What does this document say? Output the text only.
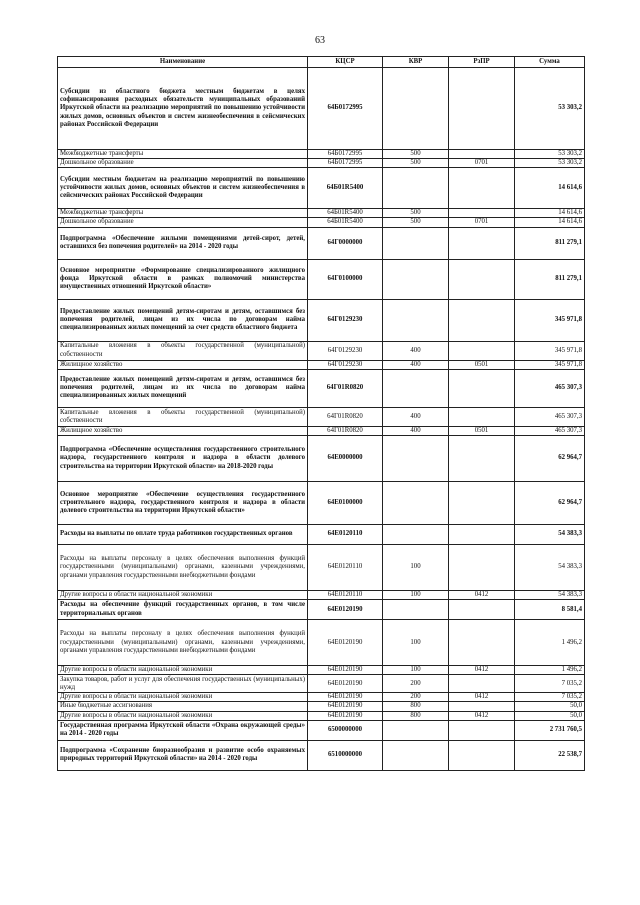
63
Наименование	КЦСР	КВР	РзПР	Сумма
Субсидии из областного бюджета местным бюджетам в целях софинансирования расходных обязательств муниципальных образований Иркутской области на реализацию мероприятий по повышению устойчивости жилых домов, основных объектов и систем жизнеобеспечения в сейсмических районах Российской Федерации	64Б0172995			53 303,2
Межбюджетные трансферты	64Б0172995	500		53 303,2
Дошкольное образование	64Б0172995	500	0701	53 303,2
Субсидии местным бюджетам на реализацию мероприятий по повышению устойчивости жилых домов, основных объектов и систем жизнеобеспечения в сейсмических районах Российской Федерации	64Б01R5400			14 614,6
Межбюджетные трансферты	64Б01R5400	500		14 614,6
Дошкольное образование	64Б01R5400	500	0701	14 614,6
Подпрограмма «Обеспечение жилыми помещениями детей-сирот, детей, оставшихся без попечения родителей» на 2014 - 2020 годы	64Г0000000			811 279,1
Основное мероприятие «Формирование специализированного жилищного фонда Иркутской области в рамках полномочий министерства имущественных отношений Иркутской области»	64Г0100000			811 279,1
Предоставление жилых помещений детям-сиротам и детям, оставшимся без попечения родителей, лицам из их числа по договорам найма специализированных жилых помещений за счет средств областного бюджета	64Г0129230			345 971,8
Капитальные вложения в объекты государственной (муниципальной) собственности	64Г0129230	400		345 971,8
Жилищное хозяйство	64Г0129230	400	0501	345 971,8
Предоставление жилых помещений детям-сиротам и детям, оставшимся без попечения родителей, лицам из их числа по договорам найма специализированных жилых помещений	64Г01R0820			465 307,3
Капитальные вложения в объекты государственной (муниципальной) собственности	64Г01R0820	400		465 307,3
Жилищное хозяйство	64Г01R0820	400	0501	465 307,3
Подпрограмма «Обеспечение осуществления государственного строительного надзора, государственного контроля и надзора в области долевого строительства на территории Иркутской области» на 2018-2020 годы	64Е0000000			62 964,7
Основное мероприятие «Обеспечение осуществления государственного строительного надзора, государственного контроля и надзора в области долевого строительства на территории Иркутской области»	64Е0100000			62 964,7
Расходы на выплаты по оплате труда работников государственных органов	64Е0120110			54 383,3
Расходы на выплаты персоналу в целях обеспечения выполнения функций государственными (муниципальными) органами, казенными учреждениями, органами управления государственными внебюджетными фондами	64Е0120110	100		54 383,3
Другие вопросы в области национальной экономики	64Е0120110	100	0412	54 383,3
Расходы на обеспечение функций государственных органов, в том числе территориальных органов	64Е0120190			8 581,4
Расходы на выплаты персоналу в целях обеспечения выполнения функций государственными (муниципальными) органами, казенными учреждениями, органами управления государственными внебюджетными фондами	64Е0120190	100		1 496,2
Другие вопросы в области национальной экономики	64Е0120190	100	0412	1 496,2
Закупка товаров, работ и услуг для обеспечения государственных (муниципальных) нужд	64Е0120190	200		7 035,2
Другие вопросы в области национальной экономики	64Е0120190	200	0412	7 035,2
Иные бюджетные ассигнования	64Е0120190	800		50,0
Другие вопросы в области национальной экономики	64Е0120190	800	0412	50,0
Государственная программа Иркутской области «Охрана окружающей среды» на 2014 - 2020 годы	6500000000			2 731 760,5
Подпрограмма «Сохранение биоразнообразия и развитие особо охраняемых природных территорий Иркутской области» на 2014 - 2020 годы	6510000000			22 538,7
